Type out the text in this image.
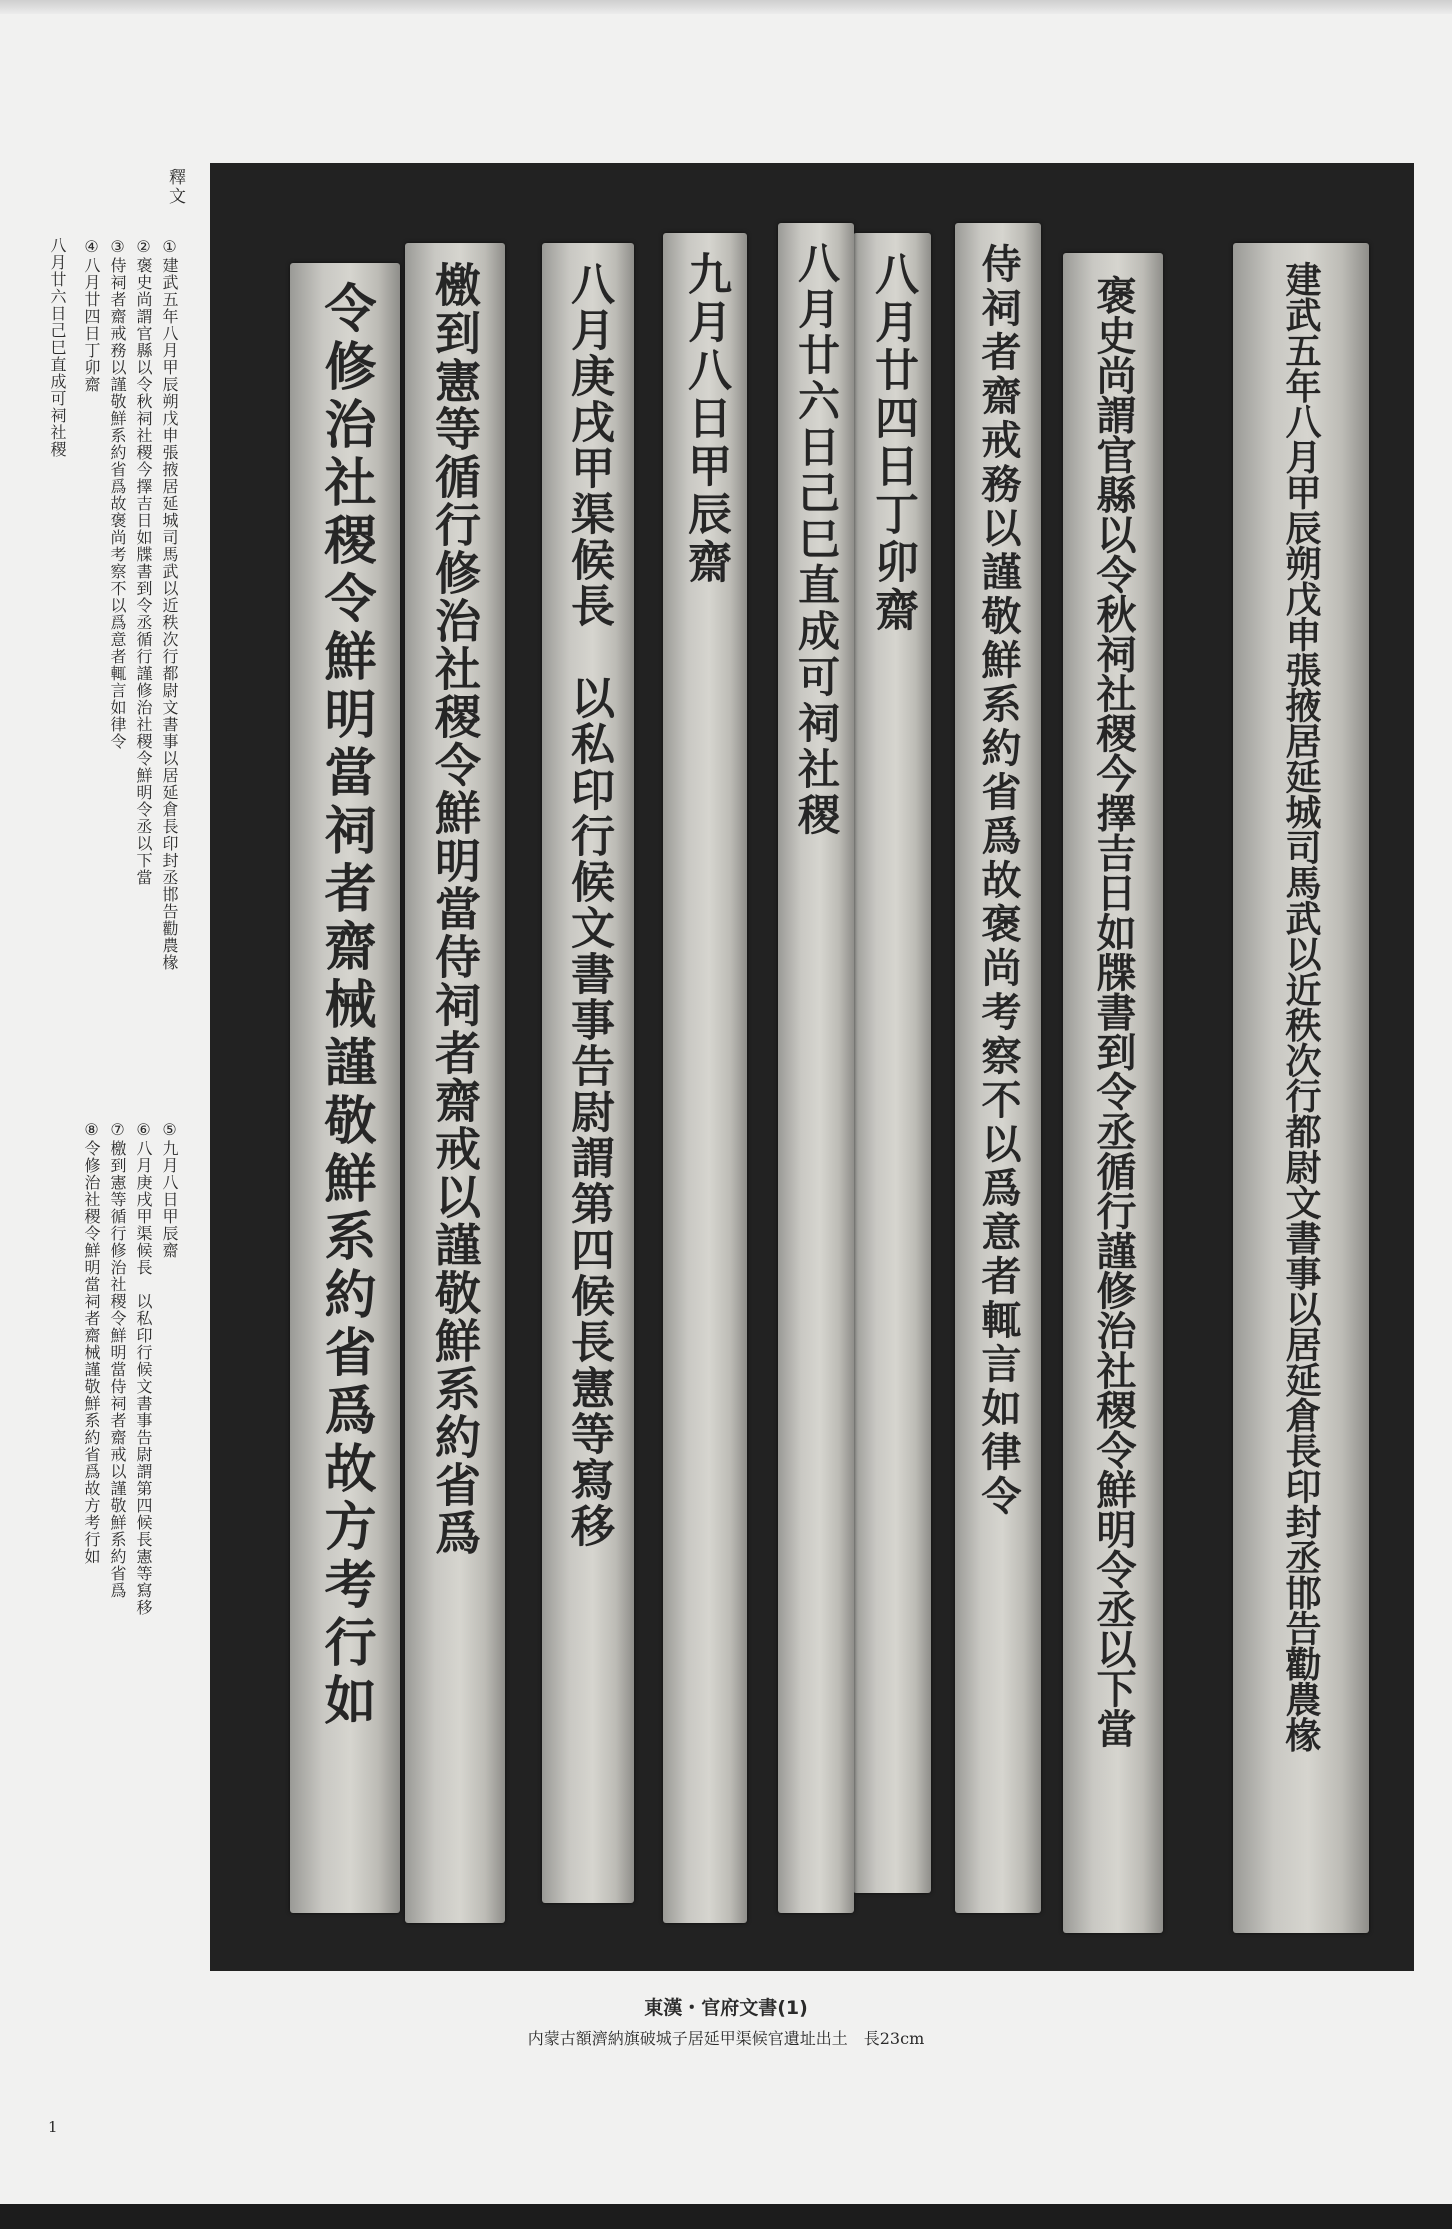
釋文
①建武五年八月甲辰朔戊申張掖居延城司馬武以近秩次行都尉文書事以居延倉長印封丞邯告勸農椽
②褒史尚謂官縣以令秋祠社稷今擇吉日如牒書到令丞循行謹修治社稷令鮮明令丞以下當
③侍祠者齋戒務以謹敬鮮系約省爲故褒尚考察不以爲意者輒言如律令
④八月廿四日丁卯齋
八月廿六日己巳直成可祠社稷
⑤九月八日甲辰齋
⑥八月庚戌甲渠候長　以私印行候文書事告尉謂第四候長憲等寫移
⑦檄到憲等循行修治社稷令鮮明當侍祠者齋戒以謹敬鮮系約省爲
⑧令修治社稷令鮮明當祠者齋械謹敬鮮系約省爲故方考行如	建武五年八月甲辰朔戊申張掖居延城司馬武以近秩次行都尉文書事以居延倉長印封丞邯告勸農椽
褒史尚謂官縣以令秋祠社稷今擇吉日如牒書到令丞循行謹修治社稷令鮮明令丞以下當
侍祠者齋戒務以謹敬鮮系約省爲故褒尚考察不以爲意者輒言如律令
八月廿四日丁卯齋
八月廿六日己巳直成可祠社稷
九月八日甲辰齋
八月庚戌甲渠候長　以私印行候文書事告尉謂第四候長憲等寫移
檄到憲等循行修治社稷令鮮明當侍祠者齋戒以謹敬鮮系約省爲
令修治社稷令鮮明當祠者齋械謹敬鮮系約省爲故方考行如
東漢・官府文書(1)
内蒙古額濟納旗破城子居延甲渠候官遺址出土　長23cm
1
